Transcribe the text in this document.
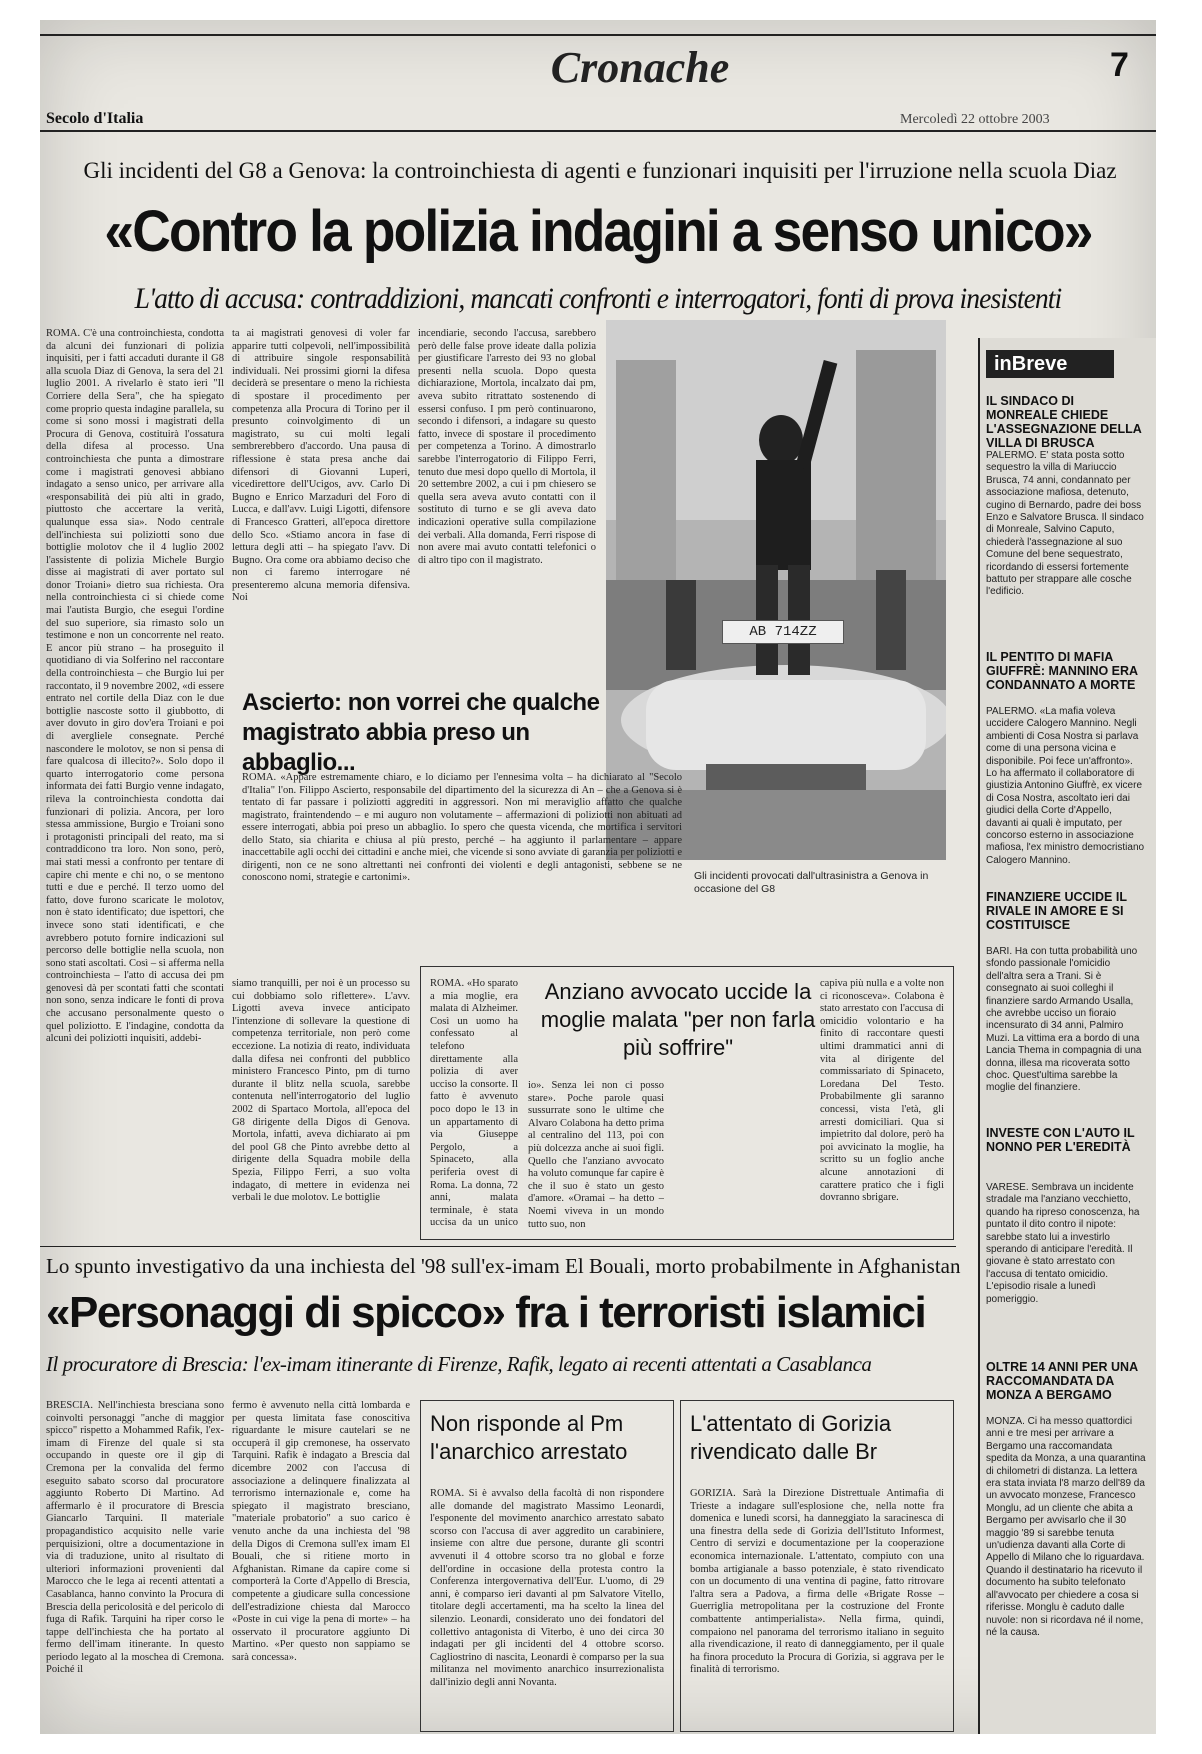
Cronache	7
Secolo d'Italia	Mercoledì 22 ottobre 2003
Gli incidenti del G8 a Genova: la controinchiesta di agenti e funzionari inquisiti per l'irruzione nella scuola Diaz
«Contro la polizia indagini a senso unico»
L'atto di accusa: contraddizioni, mancati confronti e interrogatori, fonti di prova inesistenti
ROMA. C'è una controinchiesta, condotta da alcuni dei funzionari di polizia inquisiti, per i fatti accaduti durante il G8 alla scuola Diaz di Genova, la sera del 21 luglio 2001. A rivelarlo è stato ieri "Il Corriere della Sera", che ha spiegato come proprio questa indagine parallela, su come si sono mossi i magistrati della Procura di Genova, costituirà l'ossatura della difesa al processo. Una controinchiesta che punta a dimostrare come i magistrati genovesi abbiano indagato a senso unico, per arrivare alla «responsabilità dei più alti in grado, piuttosto che accertare la verità, qualunque essa sia». Nodo centrale dell'inchiesta sui poliziotti sono due bottiglie molotov che il 4 luglio 2002 l'assistente di polizia Michele Burgio disse ai magistrati di aver portato sul donor Troiani» dietro sua richiesta. Ora nella controinchiesta ci si chiede come mai l'autista Burgio, che eseguì l'ordine del suo superiore, sia rimasto solo un testimone e non un concorrente nel reato. E ancor più strano – ha proseguito il quotidiano di via Solferino nel raccontare della controinchiesta – che Burgio lui per raccontato, il 9 novembre 2002, «di essere entrato nel cortile della Diaz con le due bottiglie nascoste sotto il giubbotto, di aver dovuto in giro dov'era Troiani e poi di avergliele consegnate. Perché nascondere le molotov, se non si pensa di fare qualcosa di illecito?». Solo dopo il quarto interrogatorio come persona informata dei fatti Burgio venne indagato, rileva la controinchiesta condotta dai funzionari di polizia. Ancora, per loro stessa ammissione, Burgio e Troiani sono i protagonisti principali del reato, ma si contraddicono tra loro. Non sono, però, mai stati messi a confronto per tentare di capire chi mente e chi no, o se mentono tutti e due e perché. Il terzo uomo del fatto, dove furono scaricate le molotov, non è stato identificato; due ispettori, che invece sono stati identificati, e che avrebbero potuto fornire indicazioni sul percorso delle bottiglie nella scuola, non sono stati ascoltati. Così – si afferma nella controinchiesta – l'atto di accusa dei pm genovesi dà per scontati fatti che scontati non sono, senza indicare le fonti di prova che accusano personalmente questo o quel poliziotto. E l'indagine, condotta da alcuni dei poliziotti inquisiti, addebi-
ta ai magistrati genovesi di voler far apparire tutti colpevoli, nell'impossibilità di attribuire singole responsabilità individuali. Nei prossimi giorni la difesa deciderà se presentare o meno la richiesta di spostare il procedimento per competenza alla Procura di Torino per il presunto coinvolgimento di un magistrato, su cui molti legali sembrerebbero d'accordo. Una pausa di riflessione è stata presa anche dai difensori di Giovanni Luperi, vicedirettore dell'Ucigos, avv. Carlo Di Bugno e Enrico Marzaduri del Foro di Lucca, e dall'avv. Luigi Ligotti, difensore di Francesco Gratteri, all'epoca direttore dello Sco. «Stiamo ancora in fase di lettura degli atti – ha spiegato l'avv. Di Bugno. Ora come ora abbiamo deciso che non ci faremo interrogare né presenteremo alcuna memoria difensiva. Noi
incendiarie, secondo l'accusa, sarebbero però delle false prove ideate dalla polizia per giustificare l'arresto dei 93 no global presenti nella scuola. Dopo questa dichiarazione, Mortola, incalzato dai pm, aveva subito ritrattato sostenendo di essersi confuso. I pm però continuarono, secondo i difensori, a indagare su questo fatto, invece di spostare il procedimento per competenza a Torino. A dimostrarlo sarebbe l'interrogatorio di Filippo Ferri, tenuto due mesi dopo quello di Mortola, il 20 settembre 2002, a cui i pm chiesero se quella sera aveva avuto contatti con il sostituto di turno e se gli aveva dato indicazioni operative sulla compilazione dei verbali. Alla domanda, Ferri rispose di non avere mai avuto contatti telefonici o di altro tipo con il magistrato.
AB 714ZZ
Gli incidenti provocati dall'ultrasinistra a Genova in occasione del G8
Ascierto: non vorrei che qualche magistrato abbia preso un abbaglio...
ROMA. «Appare estremamente chiaro, e lo diciamo per l'ennesima volta – ha dichiarato al "Secolo d'Italia" l'on. Filippo Ascierto, responsabile del dipartimento del la sicurezza di An – che a Genova si è tentato di far passare i poliziotti aggrediti in aggressori. Non mi meraviglio affatto che qualche magistrato, fraintendendo – e mi auguro non volutamente – affermazioni di poliziotti non abituati ad essere interrogati, abbia poi preso un abbaglio. Io spero che questa vicenda, che mortifica i servitori dello Stato, sia chiarita e chiusa al più presto, perché – ha aggiunto il parlamentare – appare inaccettabile agli occhi dei cittadini e anche miei, che vicende si sono avviate di garanzia per poliziotti e dirigenti, non ce ne sono altrettanti nei confronti dei violenti e degli antagonisti, sebbene se ne conoscono nomi, strategie e cartonimi».
siamo tranquilli, per noi è un processo su cui dobbiamo solo riflettere». L'avv. Ligotti aveva invece anticipato l'intenzione di sollevare la questione di competenza territoriale, non però come eccezione. La notizia di reato, individuata dalla difesa nei confronti del pubblico ministero Francesco Pinto, pm di turno durante il blitz nella scuola, sarebbe contenuta nell'interrogatorio del luglio 2002 di Spartaco Mortola, all'epoca del G8 dirigente della Digos di Genova. Mortola, infatti, aveva dichiarato ai pm del pool G8 che Pinto avrebbe detto al dirigente della Squadra mobile della Spezia, Filippo Ferri, a suo volta indagato, di mettere in evidenza nei verbali le due molotov. Le bottiglie
ROMA. «Ho sparato a mia moglie, era malata di Alzheimer. Così un uomo ha confessato al telefono direttamente alla polizia di aver ucciso la consorte. Il fatto è avvenuto poco dopo le 13 in un appartamento di via Giuseppe Pergolo, a Spinaceto, alla periferia ovest di Roma. La donna, 72 anni, malata terminale, è stata uccisa da un unico
Anziano avvocato uccide la moglie malata "per non farla più soffrire"
io». Senza lei non ci posso stare». Poche parole quasi sussurrate sono le ultime che Alvaro Colabona ha detto prima al centralino del 113, poi con più dolcezza anche ai suoi figli. Quello che l'anziano avvocato ha voluto comunque far capire è che il suo è stato un gesto d'amore. «Oramai – ha detto – Noemi viveva in un mondo tutto suo, non
capiva più nulla e a volte non ci riconosceva». Colabona è stato arrestato con l'accusa di omicidio volontario e ha finito di raccontare questi ultimi drammatici anni di vita al dirigente del commissariato di Spinaceto, Loredana Del Testo. Probabilmente gli saranno concessi, vista l'età, gli arresti domiciliari. Qua si impietrito dal dolore, però ha poi avvicinato la moglie, ha scritto su un foglio anche alcune annotazioni di carattere pratico che i figli dovranno sbrigare.
Lo spunto investigativo da una inchiesta del '98 sull'ex-imam El Bouali, morto probabilmente in Afghanistan
«Personaggi di spicco» fra i terroristi islamici
Il procuratore di Brescia: l'ex-imam itinerante di Firenze, Rafik, legato ai recenti attentati a Casablanca
BRESCIA. Nell'inchiesta bresciana sono coinvolti personaggi "anche di maggior spicco" rispetto a Mohammed Rafik, l'ex-imam di Firenze del quale si sta occupando in queste ore il gip di Cremona per la convalida del fermo eseguito sabato scorso dal procuratore aggiunto Roberto Di Martino. Ad affermarlo è il procuratore di Brescia Giancarlo Tarquini. Il materiale propagandistico acquisito nelle varie perquisizioni, oltre a documentazione in via di traduzione, unito al risultato di ulteriori informazioni provenienti dal Marocco che le lega ai recenti attentati a Casablanca, hanno convinto la Procura di Brescia della pericolosità e del pericolo di fuga di Rafik. Tarquini ha riper corso le tappe dell'inchiesta che ha portato al fermo dell'imam itinerante. In questo periodo legato al la moschea di Cremona. Poiché il
fermo è avvenuto nella città lombarda e per questa limitata fase conoscitiva riguardante le misure cautelari se ne occuperà il gip cremonese, ha osservato Tarquini. Rafik è indagato a Brescia dal dicembre 2002 con l'accusa di associazione a delinquere finalizzata al terrorismo internazionale e, come ha spiegato il magistrato bresciano, "materiale probatorio" a suo carico è venuto anche da una inchiesta del '98 della Digos di Cremona sull'ex imam El Bouali, che si ritiene morto in Afghanistan. Rimane da capire come si comporterà la Corte d'Appello di Brescia, competente a giudicare sulla concessione dell'estradizione chiesta dal Marocco «Poste in cui vige la pena di morte» – ha osservato il procuratore aggiunto Di Martino. «Per questo non sappiamo se sarà concessa».
Non risponde al Pm l'anarchico arrestato
ROMA. Si è avvalso della facoltà di non rispondere alle domande del magistrato Massimo Leonardi, l'esponente del movimento anarchico arrestato sabato scorso con l'accusa di aver aggredito un carabiniere, insieme con altre due persone, durante gli scontri avvenuti il 4 ottobre scorso tra no global e forze dell'ordine in occasione della protesta contro la Conferenza intergovernativa dell'Eur. L'uomo, di 29 anni, è comparso ieri davanti al pm Salvatore Vitello, titolare degli accertamenti, ma ha scelto la linea del silenzio. Leonardi, considerato uno dei fondatori del collettivo antagonista di Viterbo, è uno dei circa 30 indagati per gli incidenti del 4 ottobre scorso. Cagliostrino di nascita, Leonardi è comparso per la sua militanza nel movimento anarchico insurrezionalista dall'inizio degli anni Novanta.
L'attentato di Gorizia rivendicato dalle Br
GORIZIA. Sarà la Direzione Distrettuale Antimafia di Trieste a indagare sull'esplosione che, nella notte fra domenica e lunedì scorsi, ha danneggiato la saracinesca di una finestra della sede di Gorizia dell'Istituto Informest, Centro di servizi e documentazione per la cooperazione economica internazionale. L'attentato, compiuto con una bomba artigianale a basso potenziale, è stato rivendicato con un documento di una ventina di pagine, fatto ritrovare l'altra sera a Padova, a firma delle «Brigate Rosse – Guerriglia metropolitana per la costruzione del Fronte combattente antimperialista». Nella firma, quindi, compaiono nel panorama del terrorismo italiano in seguito alla rivendicazione, il reato di danneggiamento, per il quale ha finora proceduto la Procura di Gorizia, si aggrava per le finalità di terrorismo.
inBreve
IL SINDACO DI MONREALE CHIEDE L'ASSEGNAZIONE DELLA VILLA DI BRUSCA
PALERMO. E' stata posta sotto sequestro la villa di Mariuccio Brusca, 74 anni, condannato per associazione mafiosa, detenuto, cugino di Bernardo, padre dei boss Enzo e Salvatore Brusca. Il sindaco di Monreale, Salvino Caputo, chiederà l'assegnazione al suo Comune del bene sequestrato, ricordando di essersi fortemente battuto per strappare alle cosche l'edificio.
IL PENTITO DI MAFIA GIUFFRÈ: MANNINO ERA CONDANNATO A MORTE
PALERMO. «La mafia voleva uccidere Calogero Mannino. Negli ambienti di Cosa Nostra si parlava come di una persona vicina e disponibile. Poi fece un'affronto». Lo ha affermato il collaboratore di giustizia Antonino Giuffrè, ex vicere di Cosa Nostra, ascoltato ieri dai giudici della Corte d'Appello, davanti ai quali è imputato, per concorso esterno in associazione mafiosa, l'ex ministro democristiano Calogero Mannino.
FINANZIERE UCCIDE IL RIVALE IN AMORE E SI COSTITUISCE
BARI. Ha con tutta probabilità uno sfondo passionale l'omicidio dell'altra sera a Trani. Si è consegnato ai suoi colleghi il finanziere sardo Armando Usalla, che avrebbe ucciso un fioraio incensurato di 34 anni, Palmiro Muzi. La vittima era a bordo di una Lancia Thema in compagnia di una donna, illesa ma ricoverata sotto choc. Quest'ultima sarebbe la moglie del finanziere.
INVESTE CON L'AUTO IL NONNO PER L'EREDITÀ
VARESE. Sembrava un incidente stradale ma l'anziano vecchietto, quando ha ripreso conoscenza, ha puntato il dito contro il nipote: sarebbe stato lui a investirlo sperando di anticipare l'eredità. Il giovane è stato arrestato con l'accusa di tentato omicidio. L'episodio risale a lunedì pomeriggio.
OLTRE 14 ANNI PER UNA RACCOMANDATA DA MONZA A BERGAMO
MONZA. Ci ha messo quattordici anni e tre mesi per arrivare a Bergamo una raccomandata spedita da Monza, a una quarantina di chilometri di distanza. La lettera era stata inviata l'8 marzo dell'89 da un avvocato monzese, Francesco Monglu, ad un cliente che abita a Bergamo per avvisarlo che il 30 maggio '89 si sarebbe tenuta un'udienza davanti alla Corte di Appello di Milano che lo riguardava. Quando il destinatario ha ricevuto il documento ha subito telefonato all'avvocato per chiedere a cosa si riferisse. Monglu è caduto dalle nuvole: non si ricordava né il nome, né la causa.
